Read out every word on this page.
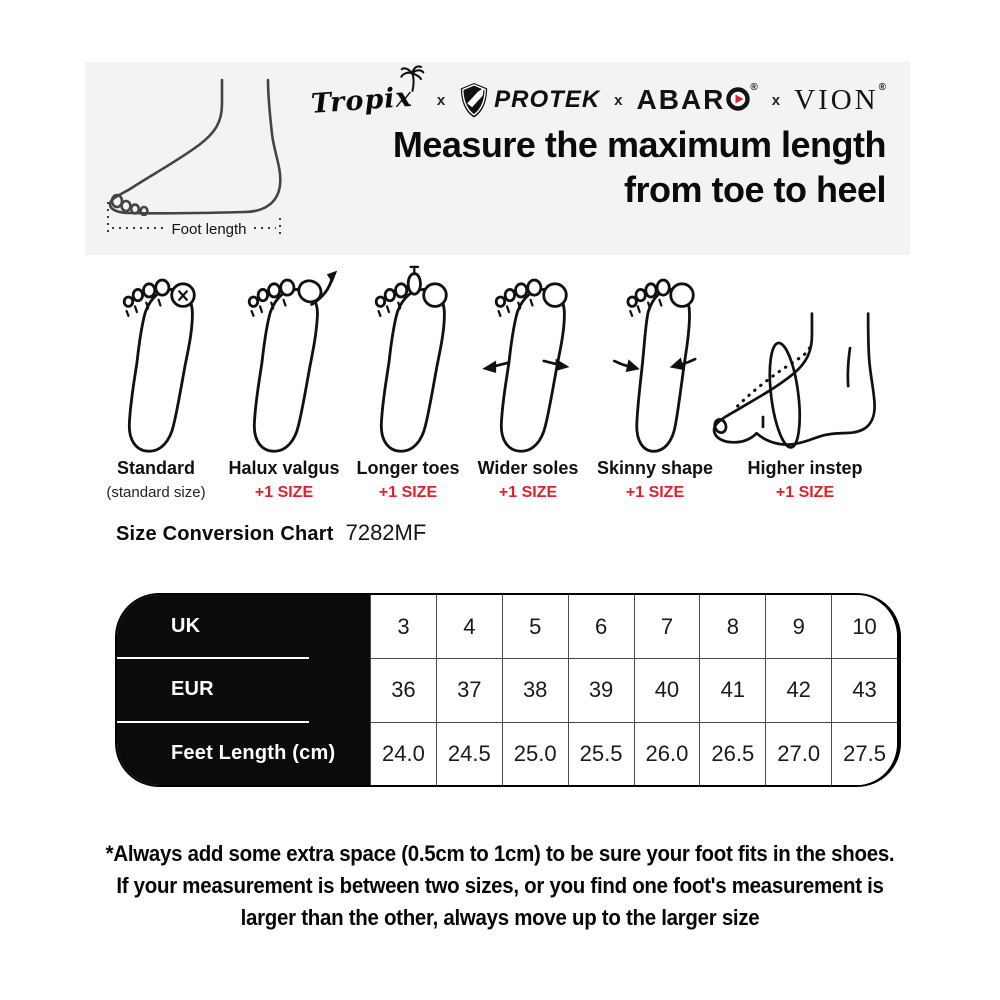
Foot length
Tropix	x PROTEK x ABAR	®
x VION ®
Measure the maximum length
from toe to heel
Standard
(standard size)
Halux valgus
+1 SIZE
Longer toes
+1 SIZE
Wider soles
+1 SIZE
Skinny shape
+1 SIZE
Higher instep
+1 SIZE
Size Conversion Chart 7282MF
UK	3	4	5	6	7	8	9	10
EUR	36	37	38	39	40	41	42	43
Feet Length (cm)	24.0	24.5	25.0	25.5	26.0	26.5	27.0	27.5
*Always add some extra space (0.5cm to 1cm) to be sure your foot fits in the shoes.
If your measurement is between two sizes, or you find one foot's measurement is
larger than the other, always move up to the larger size
